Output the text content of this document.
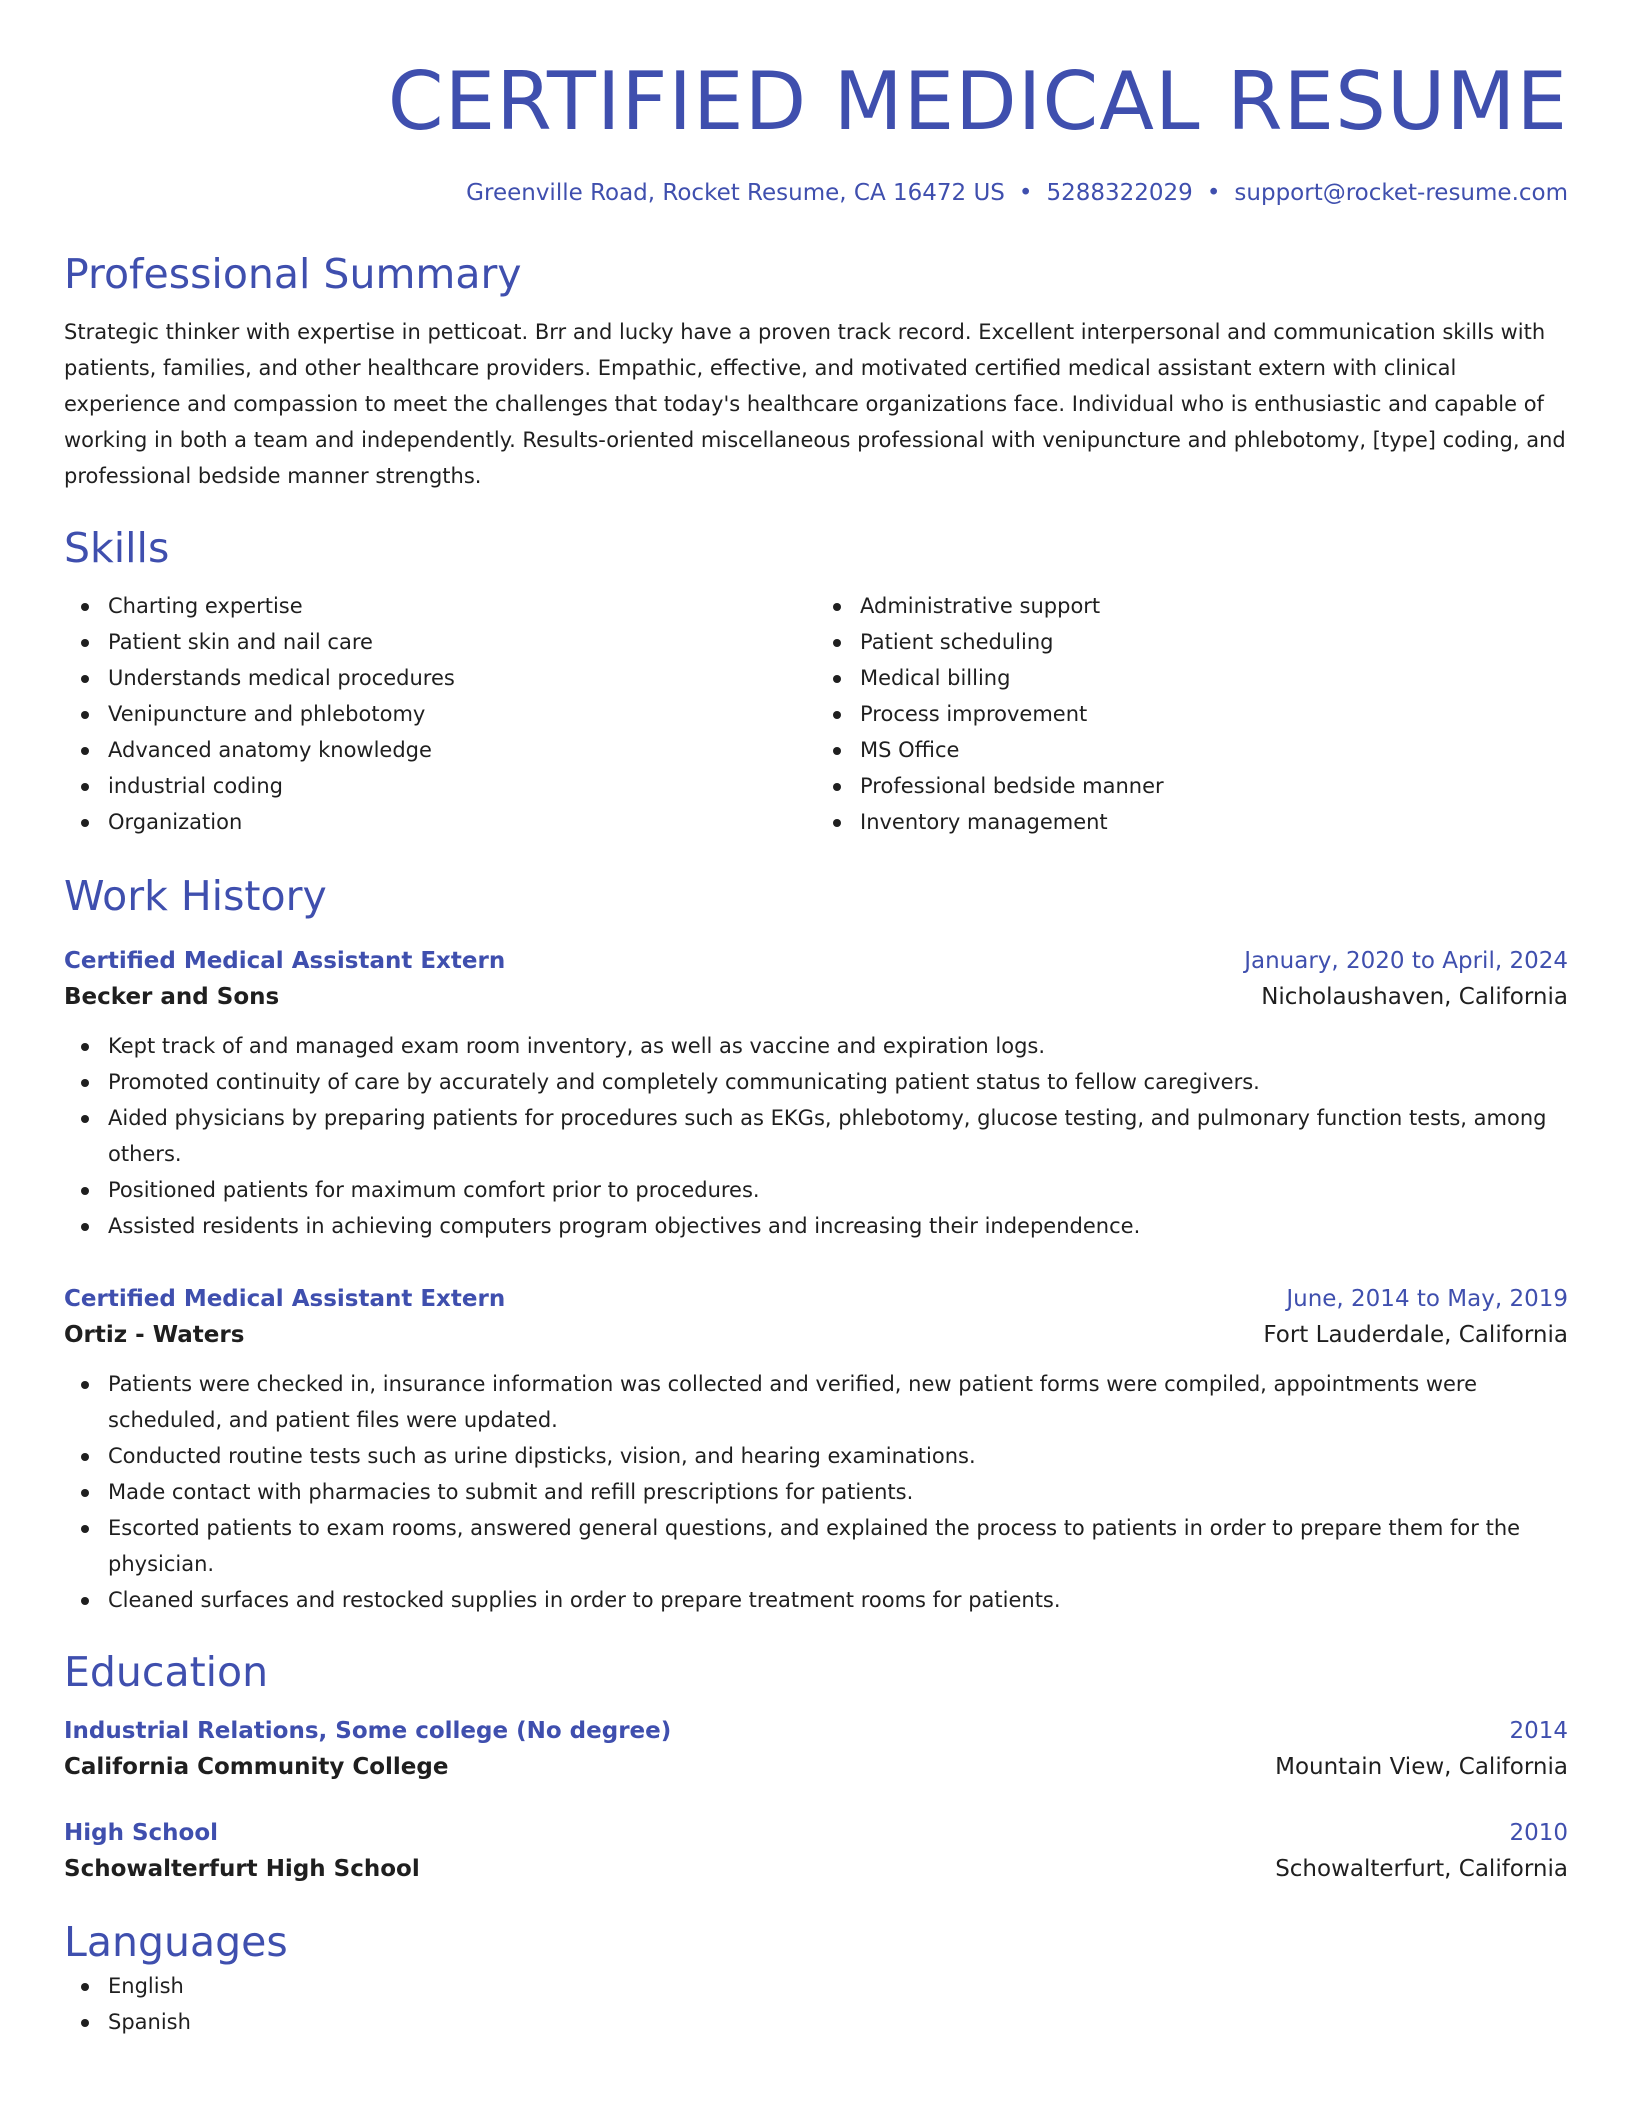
CERTIFIED MEDICAL RESUME
Greenville Road, Rocket Resume, CA 16472 US • 5288322029 • support@rocket-resume.com
Professional Summary
Strategic thinker with expertise in petticoat. Brr and lucky have a proven track record. Excellent interpersonal and communication skills with patients, families, and other healthcare providers. Empathic, effective, and motivated certified medical assistant extern with clinical experience and compassion to meet the challenges that today's healthcare organizations face. Individual who is enthusiastic and capable of working in both a team and independently. Results-oriented miscellaneous professional with venipuncture and phlebotomy, [type] coding, and professional bedside manner strengths.
Skills
Charting expertise
Patient skin and nail care
Understands medical procedures
Venipuncture and phlebotomy
Advanced anatomy knowledge
industrial coding
Organization
Administrative support
Patient scheduling
Medical billing
Process improvement
MS Office
Professional bedside manner
Inventory management
Work History
Certified Medical Assistant Extern	January, 2020 to April, 2024
Becker and Sons	Nicholaushaven, California
Kept track of and managed exam room inventory, as well as vaccine and expiration logs.
Promoted continuity of care by accurately and completely communicating patient status to fellow caregivers.
Aided physicians by preparing patients for procedures such as EKGs, phlebotomy, glucose testing, and pulmonary function tests, among others.
Positioned patients for maximum comfort prior to procedures.
Assisted residents in achieving computers program objectives and increasing their independence.
Certified Medical Assistant Extern	June, 2014 to May, 2019
Ortiz - Waters	Fort Lauderdale, California
Patients were checked in, insurance information was collected and verified, new patient forms were compiled, appointments were scheduled, and patient files were updated.
Conducted routine tests such as urine dipsticks, vision, and hearing examinations.
Made contact with pharmacies to submit and refill prescriptions for patients.
Escorted patients to exam rooms, answered general questions, and explained the process to patients in order to prepare them for the physician.
Cleaned surfaces and restocked supplies in order to prepare treatment rooms for patients.
Education
Industrial Relations, Some college (No degree)	2014
California Community College	Mountain View, California
High School	2010
Schowalterfurt High School	Schowalterfurt, California
Languages
English
Spanish
